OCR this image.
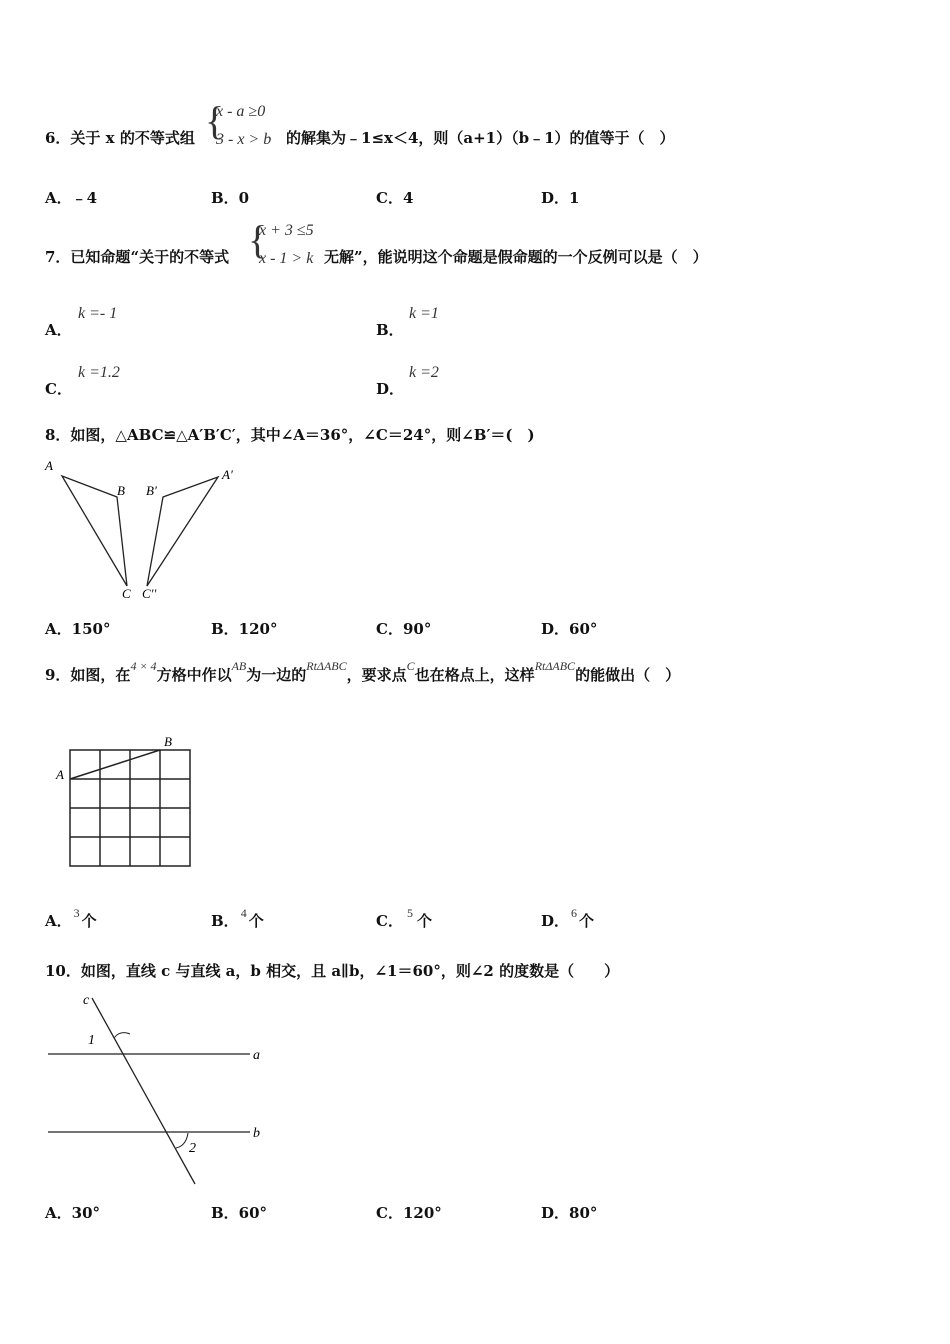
6．关于 x 的不等式组 {
x - a ≥0
3 - x > b 的解集为﹣1≤x＜4，则（a+1）（b﹣1）的值等于（　）
A．﹣4	B．0	C．4	D．1
7．已知命题“关于的不等式 {
x + 3 ≤5
x - 1 > k 无解”，能说明这个命题是假命题的一个反例可以是（　）
A．
k =- 1
B．
k =1
C．
k =1.2
D．
k =2
8．如图，△ABC≌△A′B′C′，其中∠A＝36°，∠C＝24°，则∠B′＝(　)
A
B
C
A′
B′
C′′
A．150°	B．120°	C．90°	D．60°
9．如图，在 4 × 4 方格中作以 AB 为一边的 RtΔABC ，要求点 C 也在格点上，这样 RtΔABC 的能做出（　）
A
B
A． 3 个	B． 4 个	C． 5 个	D． 6 个
10．如图，直线 c 与直线 a，b 相交，且 a∥b，∠1＝60°，则∠2 的度数是（　　）
c
a
b
1
2
A．30°	B．60°	C．120°	D．80°
